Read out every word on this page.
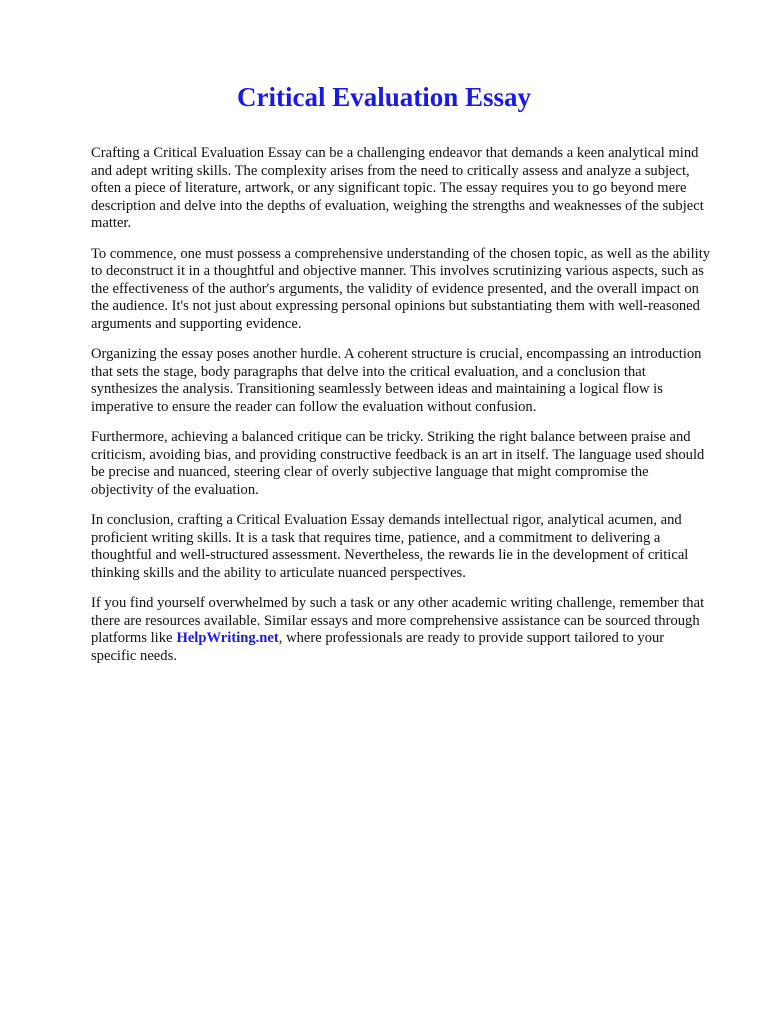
Critical Evaluation Essay

Crafting a Critical Evaluation Essay can be a challenging endeavor that demands a keen analytical mind and adept writing skills. The complexity arises from the need to critically assess and analyze a subject, often a piece of literature, artwork, or any significant topic. The essay requires you to go beyond mere description and delve into the depths of evaluation, weighing the strengths and weaknesses of the subject matter.

To commence, one must possess a comprehensive understanding of the chosen topic, as well as the ability to deconstruct it in a thoughtful and objective manner. This involves scrutinizing various aspects, such as the effectiveness of the author's arguments, the validity of evidence presented, and the overall impact on the audience. It's not just about expressing personal opinions but substantiating them with well-reasoned arguments and supporting evidence.

Organizing the essay poses another hurdle. A coherent structure is crucial, encompassing an introduction that sets the stage, body paragraphs that delve into the critical evaluation, and a conclusion that synthesizes the analysis. Transitioning seamlessly between ideas and maintaining a logical flow is imperative to ensure the reader can follow the evaluation without confusion.

Furthermore, achieving a balanced critique can be tricky. Striking the right balance between praise and criticism, avoiding bias, and providing constructive feedback is an art in itself. The language used should be precise and nuanced, steering clear of overly subjective language that might compromise the objectivity of the evaluation.

In conclusion, crafting a Critical Evaluation Essay demands intellectual rigor, analytical acumen, and proficient writing skills. It is a task that requires time, patience, and a commitment to delivering a thoughtful and well-structured assessment. Nevertheless, the rewards lie in the development of critical thinking skills and the ability to articulate nuanced perspectives.

If you find yourself overwhelmed by such a task or any other academic writing challenge, remember that there are resources available. Similar essays and more comprehensive assistance can be sourced through platforms like HelpWriting.net, where professionals are ready to provide support tailored to your specific needs.
